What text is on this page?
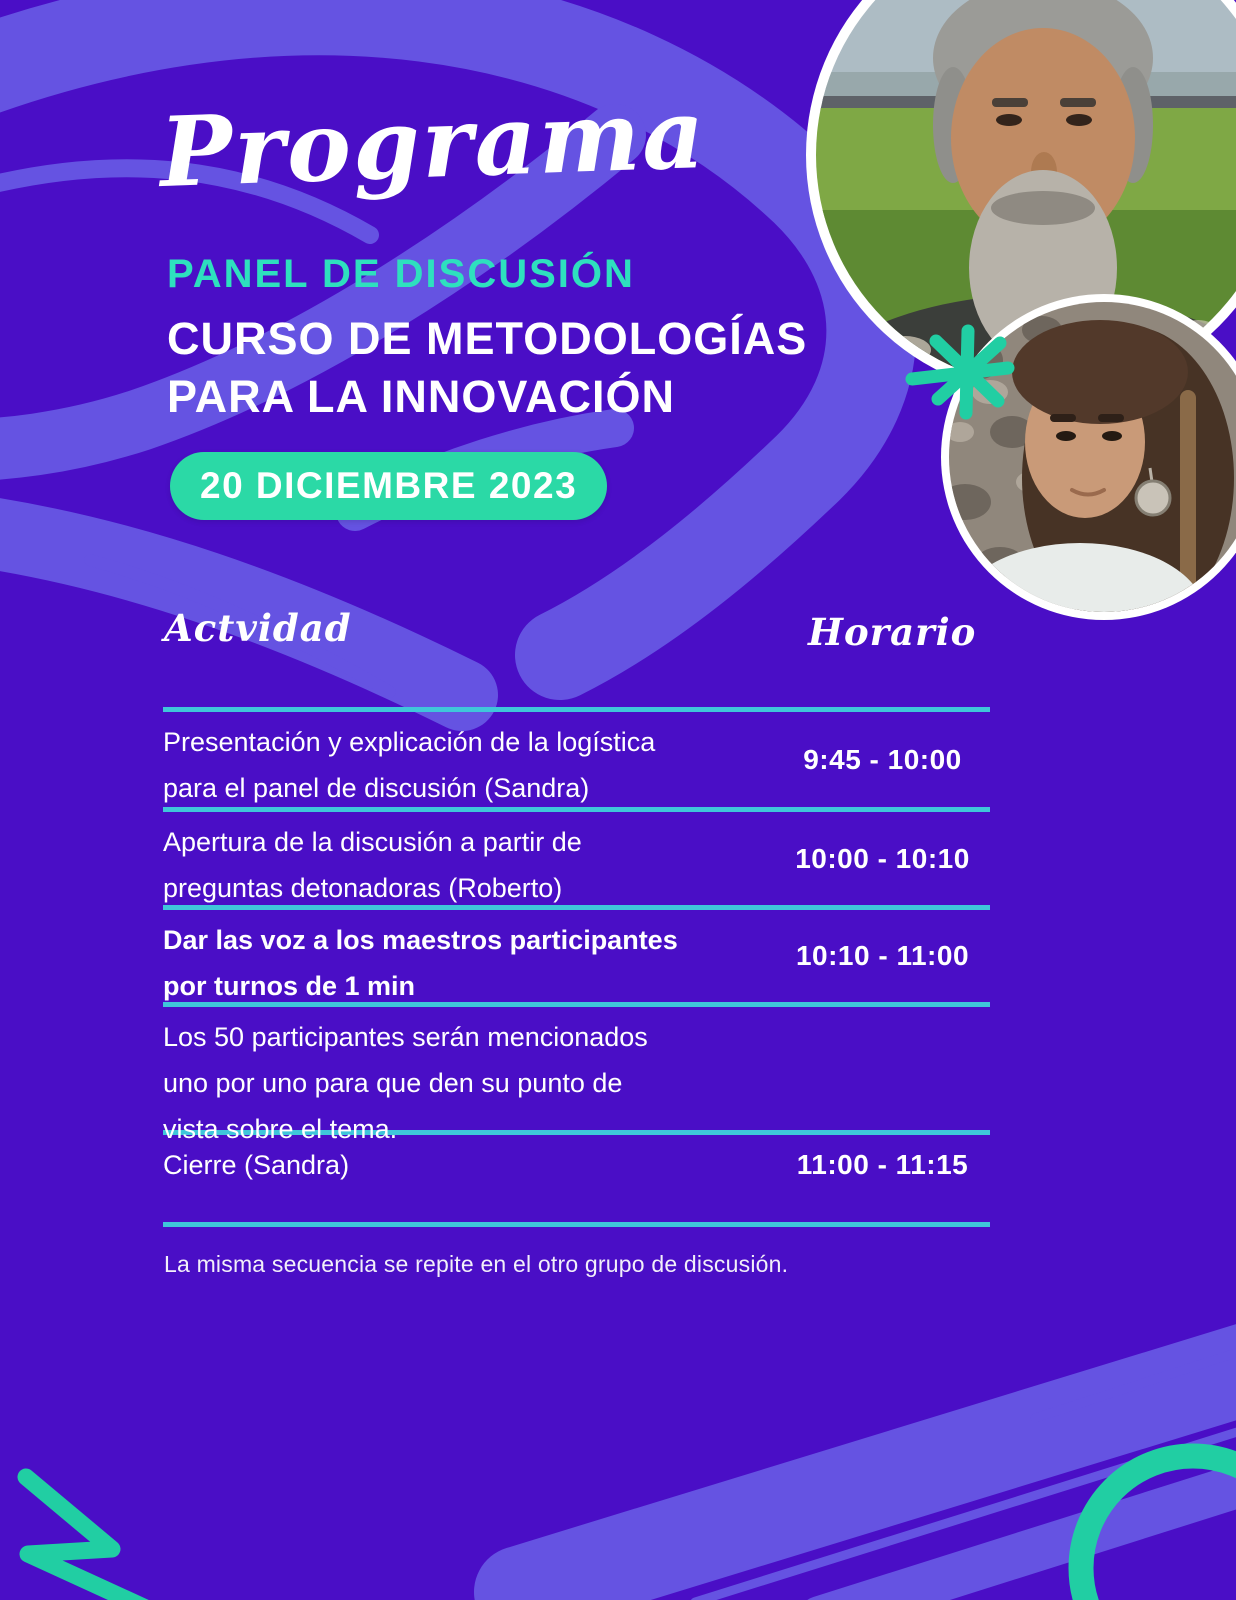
Programa
PANEL DE DISCUSIÓN
CURSO DE METODOLOGÍAS
PARA LA INNOVACIÓN
20 DICIEMBRE 2023
Actvidad	Horario
Presentación y explicación de la logística
para el panel de discusión (Sandra)
9:45 - 10:00
Apertura de la discusión a partir de
preguntas detonadoras (Roberto)
10:00 - 10:10
Dar las voz a los maestros participantes
por turnos de 1 min
10:10 - 11:00
Los 50 participantes serán mencionados
uno por uno para que den su punto de
vista sobre el tema.
Cierre (Sandra)	11:00 - 11:15
La misma secuencia se repite en el otro grupo de discusión.
